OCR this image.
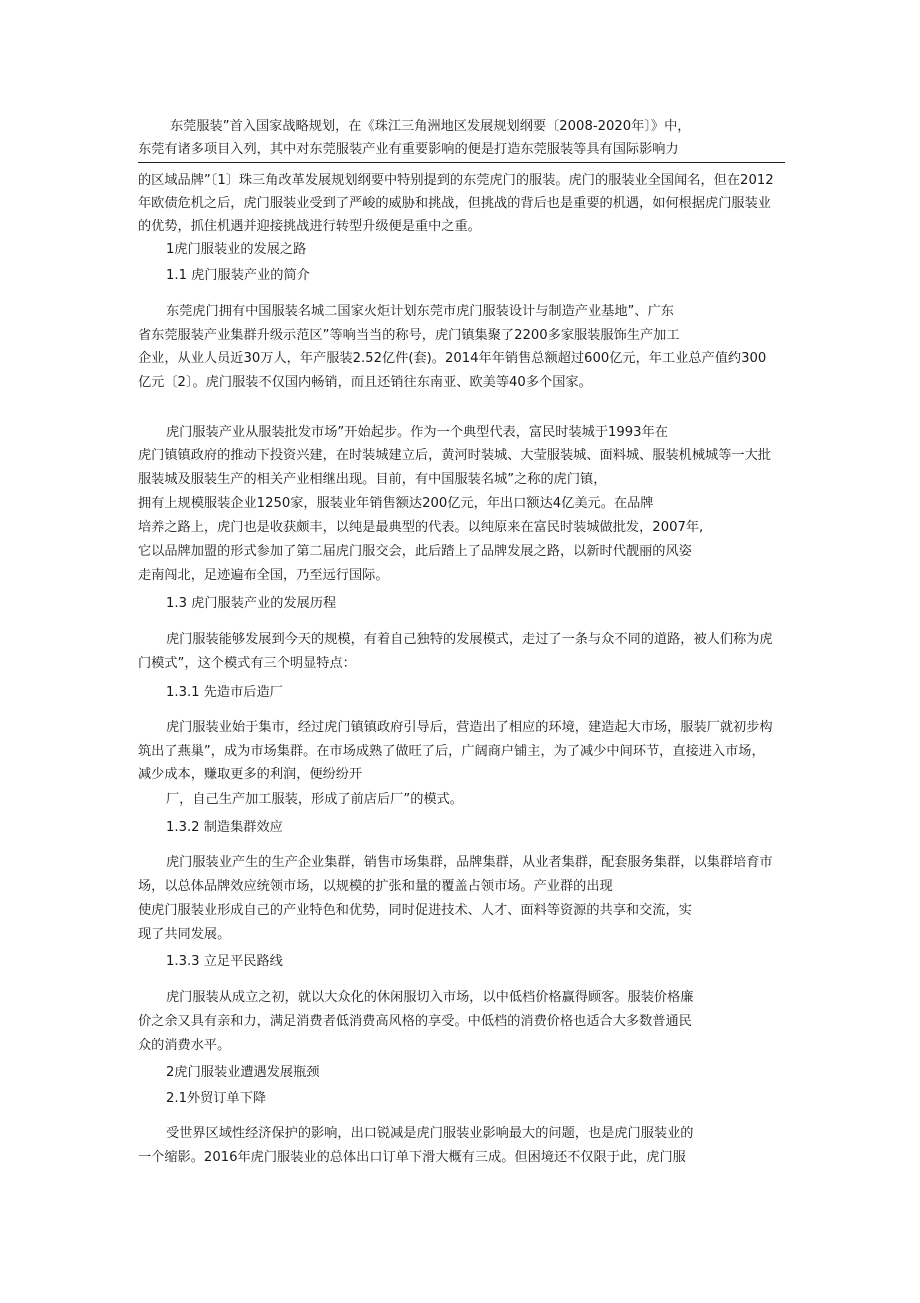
东莞服装”首入国家战略规划，在《珠江三角洲地区发展规划纲要〔2008-2020年〕》中，
东莞有诸多项目入列，其中对东莞服装产业有重要影响的便是打造东莞服装等具有国际影响力
的区域品牌”〔1〕珠三角改革发展规划纲要中特别提到的东莞虎门的服装。虎门的服装业全国闻名，但在2012
年欧债危机之后，虎门服装业受到了严峻的威胁和挑战，但挑战的背后也是重要的机遇，如何根据虎门服装业
的优势，抓住机遇并迎接挑战进行转型升级便是重中之重。
1虎门服装业的发展之路
1.1 虎门服装产业的简介
东莞虎门拥有中国服装名城二国家火炬计划东莞市虎门服装设计与制造产业基地”、广东
省东莞服装产业集群升级示范区”等响当当的称号，虎门镇集聚了2200多家服装服饰生产加工
企业，从业人员近30万人，年产服装2.52亿件(套)。2014年年销售总额超过600亿元，年工业总产值约300
亿元〔2〕。虎门服装不仅国内畅销，而且还销往东南亚、欧美等40多个国家。
虎门服装产业从服装批发市场”开始起步。作为一个典型代表，富民时装城于1993年在
虎门镇镇政府的推动下投资兴建，在时装城建立后，黄河时装城、大莹服装城、面料城、服装机械城等一大批
服装城及服装生产的相关产业相继出现。目前，有中国服装名城”之称的虎门镇，
拥有上规模服装企业1250家，服装业年销售额达200亿元，年出口额达4亿美元。在品牌
培养之路上，虎门也是收获颇丰，以纯是最典型的代表。以纯原来在富民时装城做批发，2007年,
它以品牌加盟的形式参加了第二届虎门服交会，此后踏上了品牌发展之路，以新时代靓丽的风姿
走南闯北，足迹遍布全国，乃至远行国际。
1.3 虎门服装产业的发展历程
虎门服装能够发展到今天的规模，有着自己独特的发展模式，走过了一条与众不同的道路，被人们称为虎
门模式”，这个模式有三个明显特点：
1.3.1 先造市后造厂
虎门服装业始于集市，经过虎门镇镇政府引导后，营造出了相应的环境，建造起大市场，服装厂就初步构
筑出了燕巢”，成为市场集群。在市场成熟了做旺了后，广阔商户铺主，为了减少中间环节，直接进入市场，
减少成本，赚取更多的利润，便纷纷开
厂，自己生产加工服装，形成了前店后厂”的模式。
1.3.2 制造集群效应
虎门服装业产生的生产企业集群，销售市场集群，品牌集群，从业者集群，配套服务集群，以集群培育市
场，以总体品牌效应统领市场，以规模的扩张和量的覆盖占领市场。产业群的出现
使虎门服装业形成自己的产业特色和优势，同时促进技术、人才、面料等资源的共享和交流，实
现了共同发展。
1.3.3 立足平民路线
虎门服装从成立之初，就以大众化的休闲服切入市场，以中低档价格赢得顾客。服装价格廉
价之余又具有亲和力，满足消费者低消费高风格的享受。中低档的消费价格也适合大多数普通民
众的消费水平。
2虎门服装业遭遇发展瓶颈
2.1外贸订单下降
受世界区域性经济保护的影响，出口锐减是虎门服装业影响最大的问题，也是虎门服装业的
一个缩影。2016年虎门服装业的总体出口订单下滑大概有三成。但困境还不仅限于此，虎门服
